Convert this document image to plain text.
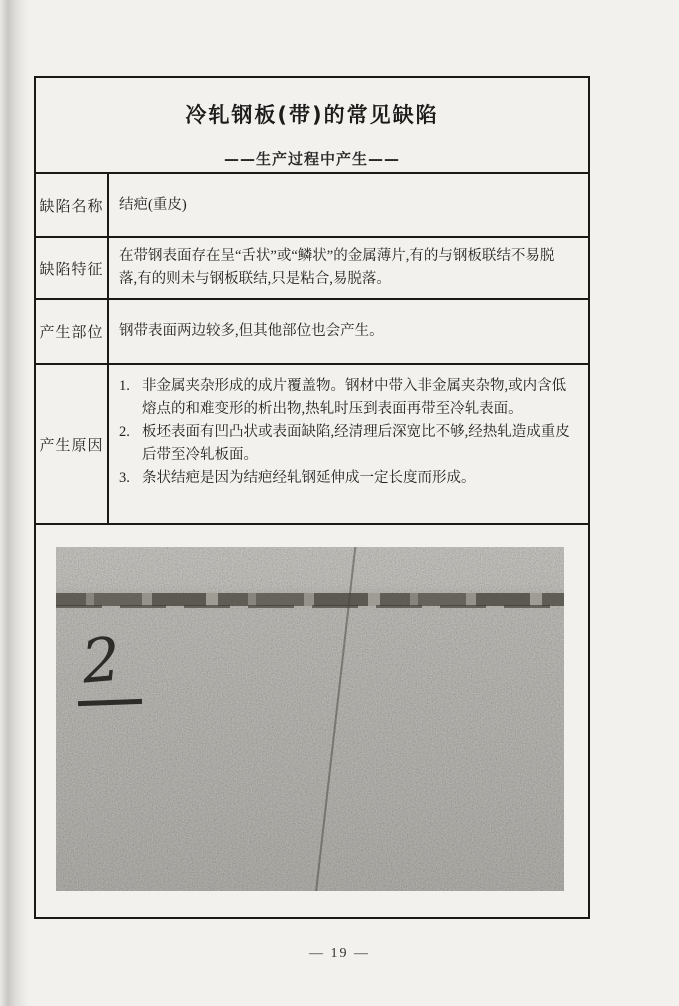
冷轧钢板(带)的常见缺陷
——生产过程中产生——
缺陷名称	结疤(重皮)
缺陷特征
在带钢表面存在呈“舌状”或“鳞状”的金属薄片,有的与钢板联结不易脱落,有的则未与钢板联结,只是粘合,易脱落。
产生部位	钢带表面两边较多,但其他部位也会产生。
产生原因
1. 非金属夹杂形成的成片覆盖物。钢材中带入非金属夹杂物,或内含低熔点的和难变形的析出物,热轧时压到表面再带至冷轧表面。
2. 板坯表面有凹凸状或表面缺陷,经清理后深宽比不够,经热轧造成重皮后带至冷轧板面。
3. 条状结疤是因为结疤经轧钢延伸成一定长度而形成。
2
— 19 —
